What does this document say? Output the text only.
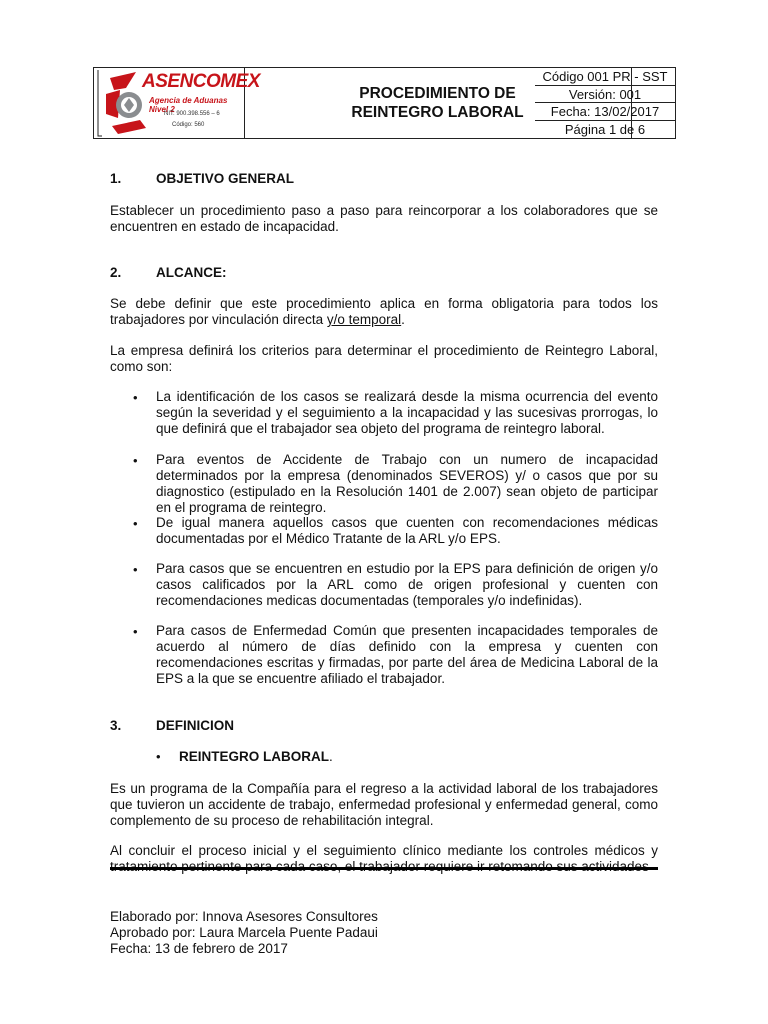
ASENCOMEX
Agencia de Aduanas Nivel 2
NIT: 900.398.556 – 6
Código: 560
PROCEDIMIENTO DE
REINTEGRO LABORAL
Código 001 PR - SST
Versión: 001
Fecha: 13/02/2017
Página 1 de 6
1.	OBJETIVO GENERAL
Establecer un procedimiento paso a paso para reincorporar a los colaboradores que se encuentren en estado de incapacidad.
2.	ALCANCE:
Se debe definir que este procedimiento aplica en forma obligatoria para todos los trabajadores por vinculación directa y/o temporal.
La empresa definirá los criterios para determinar el procedimiento de Reintegro Laboral, como son:
• La identificación de los casos se realizará desde la misma ocurrencia del evento según la severidad y el seguimiento a la incapacidad y las sucesivas prorrogas, lo que definirá que el trabajador sea objeto del programa de reintegro laboral.
• Para eventos de Accidente de Trabajo con un numero de incapacidad determinados por la empresa (denominados SEVEROS) y/ o casos que por su diagnostico (estipulado en la Resolución 1401 de 2.007) sean objeto de participar en el programa de reintegro.
• De igual manera aquellos casos que cuenten con recomendaciones médicas documentadas por el Médico Tratante de la ARL y/o EPS.
• Para casos que se encuentren en estudio por la EPS para definición de origen y/o casos calificados por la ARL como de origen profesional y cuenten con recomendaciones medicas documentadas (temporales y/o indefinidas).
• Para casos de Enfermedad Común que presenten incapacidades temporales de acuerdo al número de días definido con la empresa y cuenten con recomendaciones escritas y firmadas, por parte del área de Medicina Laboral de la EPS a la que se encuentre afiliado el trabajador.
3.	DEFINICION
• REINTEGRO LABORAL.
Es un programa de la Compañía para el regreso a la actividad laboral de los trabajadores que tuvieron un accidente de trabajo, enfermedad profesional y enfermedad general, como complemento de su proceso de rehabilitación integral.
Al concluir el proceso inicial y el seguimiento clínico mediante los controles médicos y
Elaborado por: Innova Asesores Consultores
Aprobado por: Laura Marcela Puente Padaui
Fecha: 13 de febrero de 2017
